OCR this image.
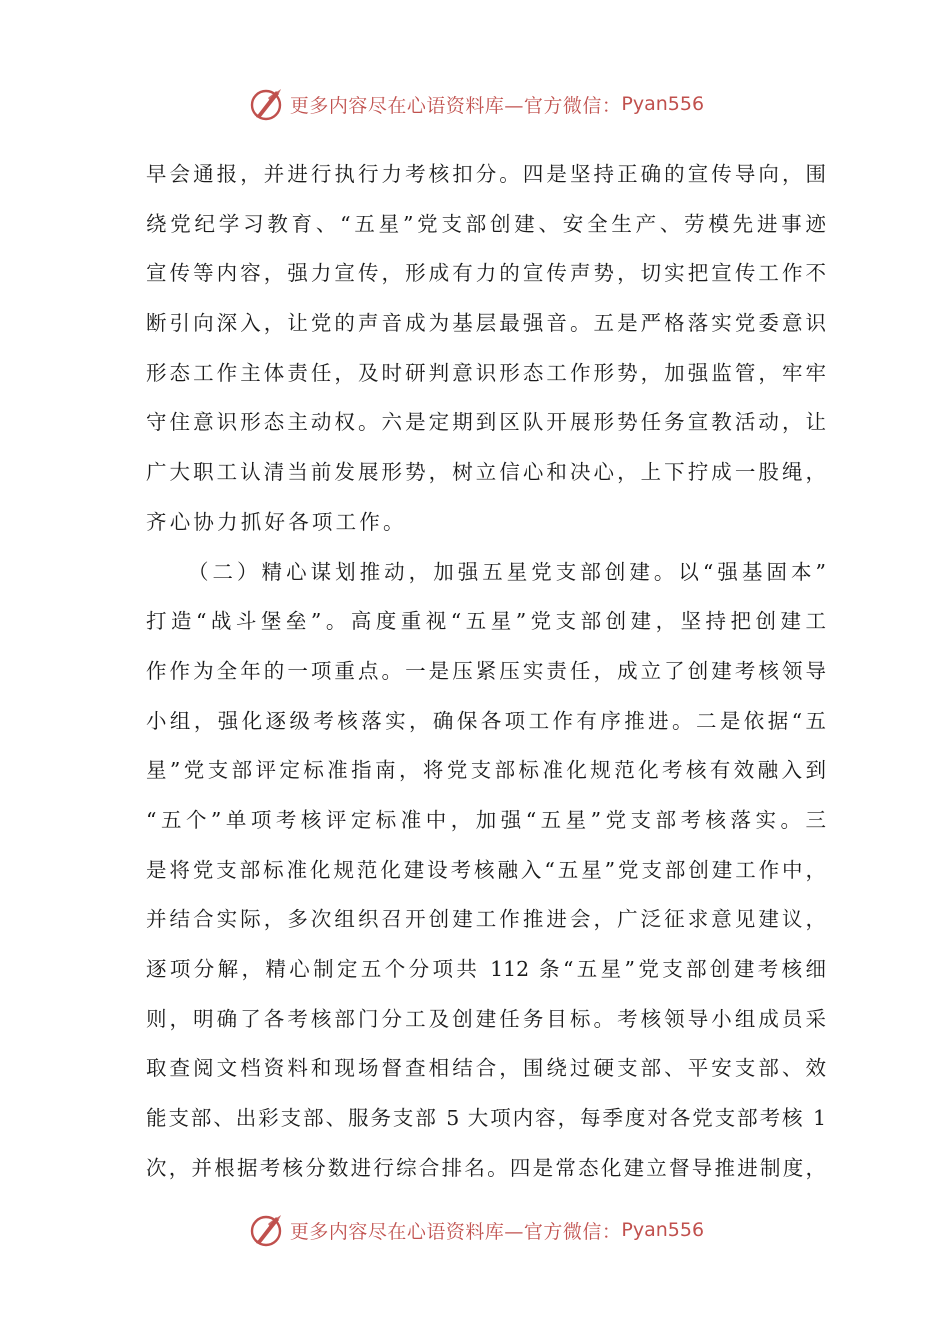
更多内容尽在心语资料库—官方微信： Pyan556
早会通报，并进行执行力考核扣分。四是坚持正确的宣传导向，围
绕党纪学习教育、“五星”党支部创建、安全生产、劳模先进事迹
宣传等内容，强力宣传，形成有力的宣传声势，切实把宣传工作不
断引向深入，让党的声音成为基层最强音。五是严格落实党委意识
形态工作主体责任，及时研判意识形态工作形势，加强监管，牢牢
守住意识形态主动权。六是定期到区队开展形势任务宣教活动，让
广大职工认清当前发展形势，树立信心和决心，上下拧成一股绳，
齐心协力抓好各项工作。
（二）精心谋划推动，加强五星党支部创建。以“强基固本”
打造“战斗堡垒”。高度重视“五星”党支部创建，坚持把创建工
作作为全年的一项重点。一是压紧压实责任，成立了创建考核领导
小组，强化逐级考核落实，确保各项工作有序推进。二是依据“五
星”党支部评定标准指南，将党支部标准化规范化考核有效融入到
“五个”单项考核评定标准中，加强“五星”党支部考核落实。三
是将党支部标准化规范化建设考核融入“五星”党支部创建工作中，
并结合实际，多次组织召开创建工作推进会，广泛征求意见建议，
逐项分解，精心制定五个分项共 112 条“五星”党支部创建考核细
则，明确了各考核部门分工及创建任务目标。考核领导小组成员采
取查阅文档资料和现场督查相结合，围绕过硬支部、平安支部、效
能支部、出彩支部、服务支部 5 大项内容，每季度对各党支部考核 1
次，并根据考核分数进行综合排名。四是常态化建立督导推进制度，
更多内容尽在心语资料库—官方微信： Pyan556
